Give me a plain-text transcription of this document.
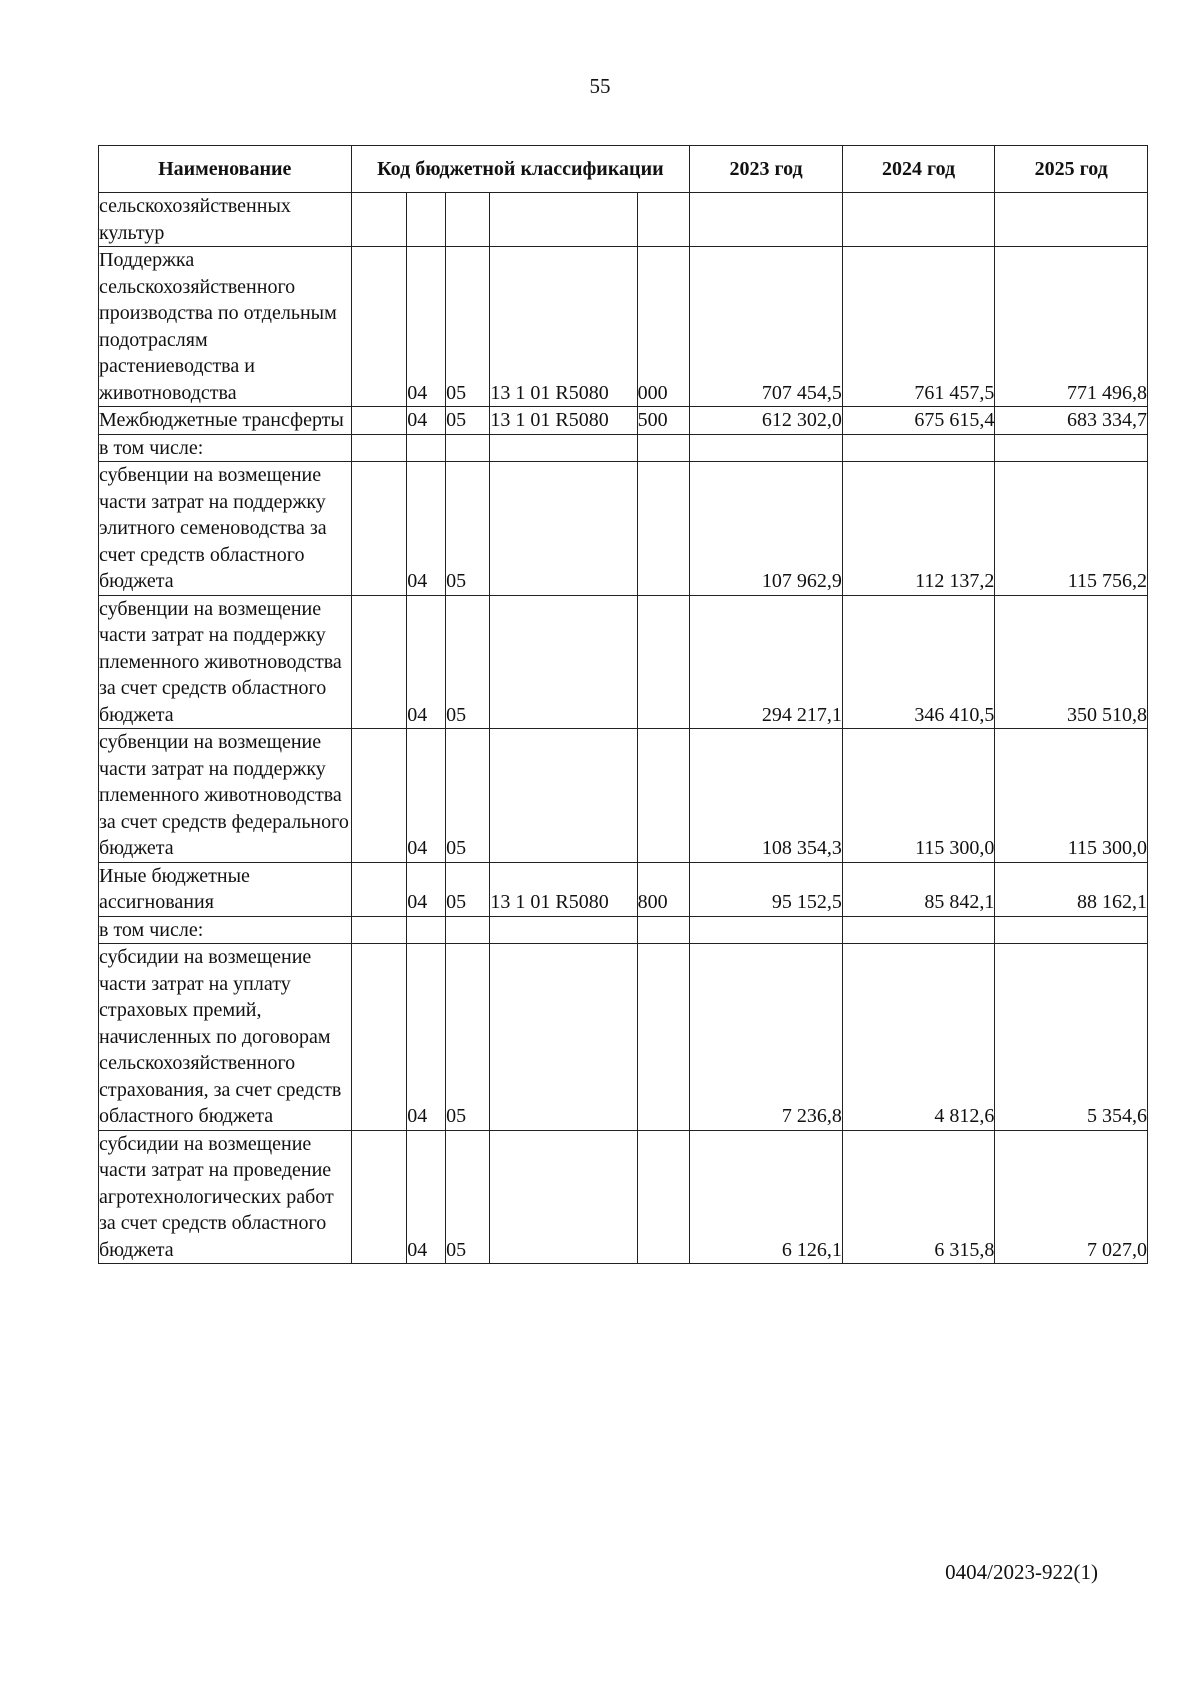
55
Наименование	Код бюджетной классификации					2023 год	2024 год	2025 год
сельскохозяйственных культур								
Поддержка сельскохозяйственного производства по отдельным подотраслям растениеводства и животноводства		04	05	13 1 01 R5080	000	707 454,5	761 457,5	771 496,8
Межбюджетные трансферты		04	05	13 1 01 R5080	500	612 302,0	675 615,4	683 334,7
в том числе:								
субвенции на возмещение части затрат на поддержку элитного семеноводства за счет средств областного бюджета		04	05			107 962,9	112 137,2	115 756,2
субвенции на возмещение части затрат на поддержку племенного животноводства за счет средств областного бюджета		04	05			294 217,1	346 410,5	350 510,8
субвенции на возмещение части затрат на поддержку племенного животноводства за счет средств федерального бюджета		04	05			108 354,3	115 300,0	115 300,0
Иные бюджетные ассигнования		04	05	13 1 01 R5080	800	95 152,5	85 842,1	88 162,1
в том числе:								
субсидии на возмещение части затрат на уплату страховых премий, начисленных по договорам сельскохозяйственного страхования, за счет средств областного бюджета		04	05			7 236,8	4 812,6	5 354,6
субсидии на возмещение части затрат на проведение агротехнологических работ за счет средств областного бюджета		04	05			6 126,1	6 315,8	7 027,0
0404/2023-922(1)
